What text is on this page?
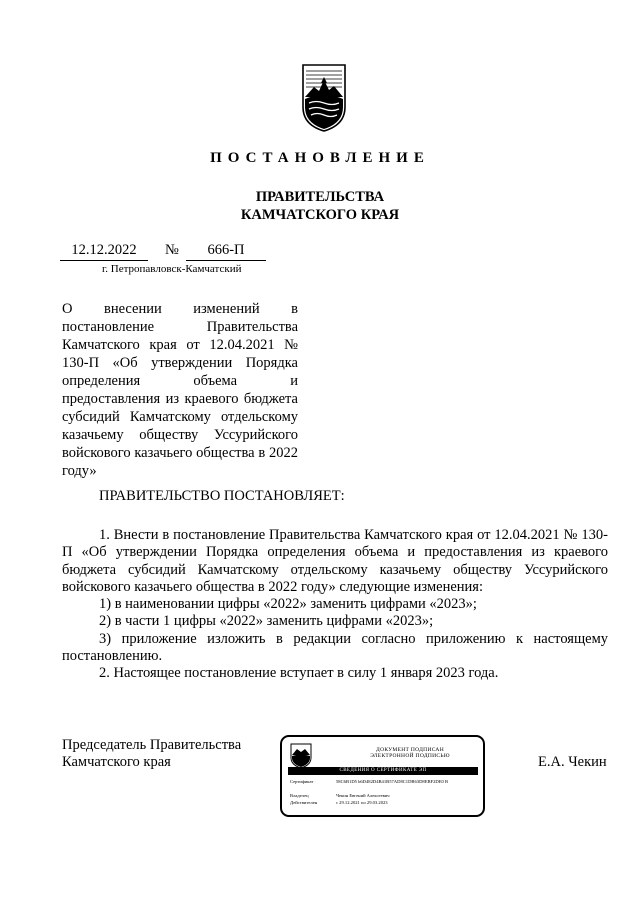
ПОСТАНОВЛЕНИЕ
ПРАВИТЕЛЬСТВА
КАМЧАТСКОГО КРАЯ
12.12.2022	№	666-П
г. Петропавловск-Камчатский
О внесении изменений в постановление Правительства Камчатского края от 12.04.2021 № 130-П «Об утверждении Порядка определения объема и предоставления из краевого бюджета субсидий Камчатскому отдельскому казачьему обществу Уссурийского войскового казачьего общества в 2022 году»
ПРАВИТЕЛЬСТВО ПОСТАНОВЛЯЕТ:

1. Внести в постановление Правительства Камчатского края от 12.04.2021 № 130-П «Об утверждении Порядка определения объема и предоставления из краевого бюджета субсидий Камчатскому отдельскому казачьему обществу Уссурийского войскового казачьего общества в 2022 году» следующие изменения:

1) в наименовании цифры «2022» заменить цифрами «2023»;

2) в части 1 цифры «2022» заменить цифрами «2023»;

3) приложение изложить в редакции согласно приложению к настоящему постановлению.

2. Настоящее постановление вступает в силу 1 января 2023 года.

Председатель Правительства
Камчатского края
ДОКУМЕНТ ПОДПИСАН
ЭЛЕКТРОННОЙ ПОДПИСЬЮ
СВЕДЕНИЯ О СЕРТИФИКАТЕ ЭП
Сертификат	58C6B1D5 b6D482D4B41B57AD8C1DB63D8EBF2DE0 B
Владелец	Чекин Евгений Алексеевич
Действителен	с 29.12.2021 по 29.03.2023
Е.А. Чекин
